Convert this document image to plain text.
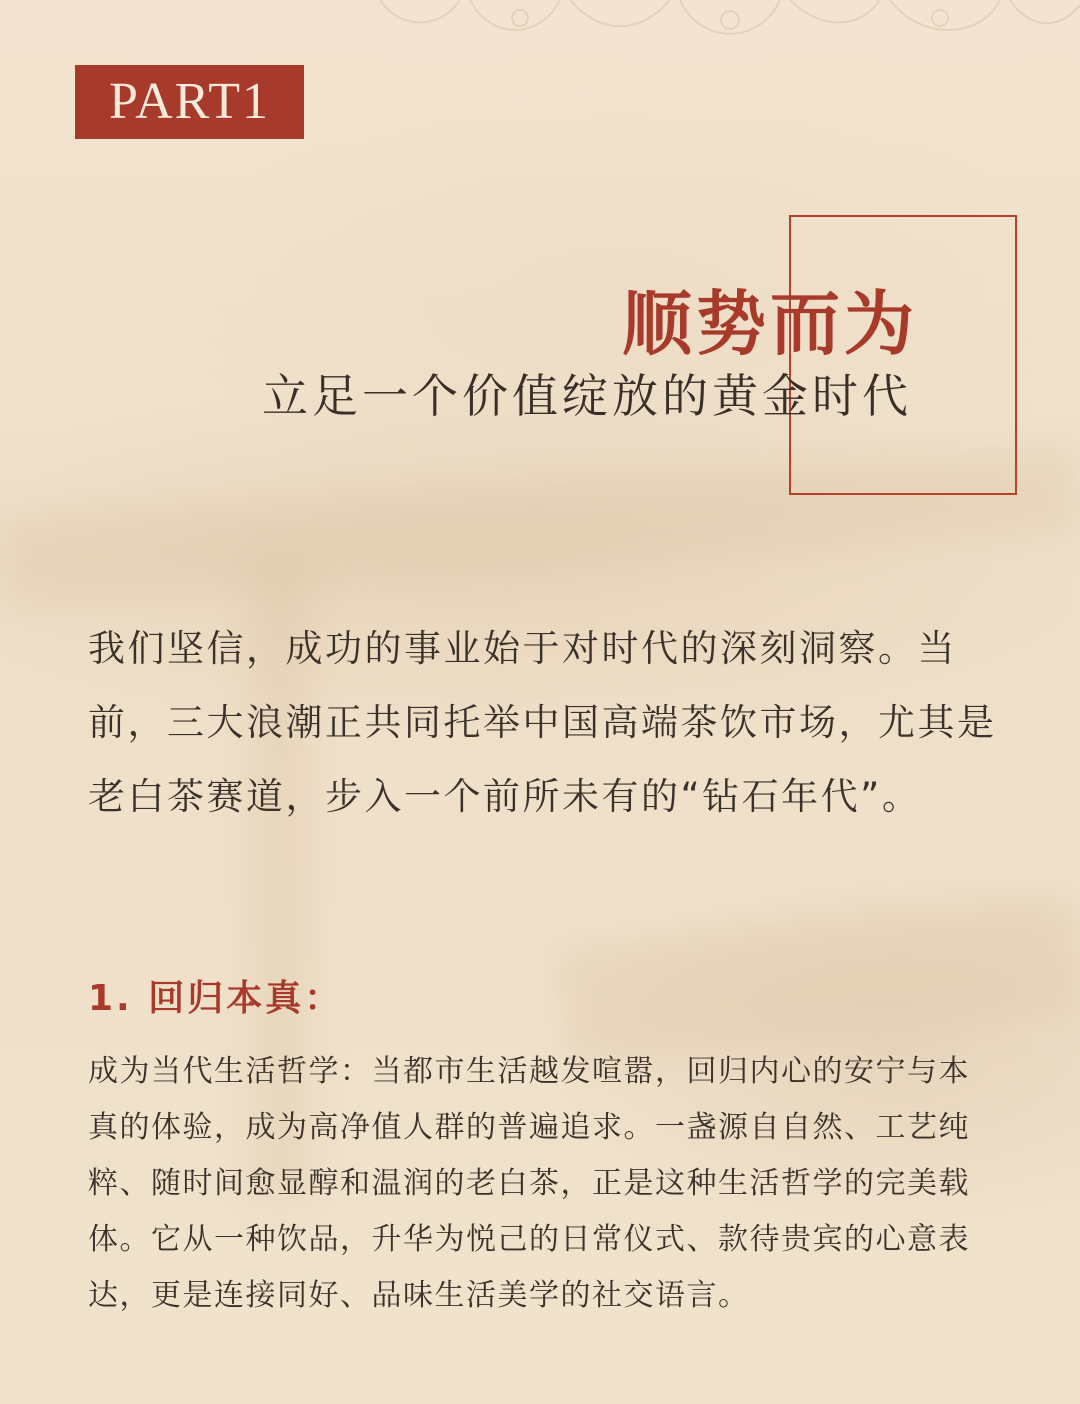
PART1
顺势而为
立足一个价值绽放的黄金时代

我们坚信，成功的事业始于对时代的深刻洞察。当前，三大浪潮正共同托举中国高端茶饮市场，尤其是老白茶赛道，步入一个前所未有的“钻石年代”。

1. 回归本真：

成为当代生活哲学：当都市生活越发喧嚣，回归内心的安宁与本真的体验，成为高净值人群的普遍追求。一盏源自自然、工艺纯粹、随时间愈显醇和温润的老白茶，正是这种生活哲学的完美载体。它从一种饮品，升华为悦己的日常仪式、款待贵宾的心意表达，更是连接同好、品味生活美学的社交语言。
